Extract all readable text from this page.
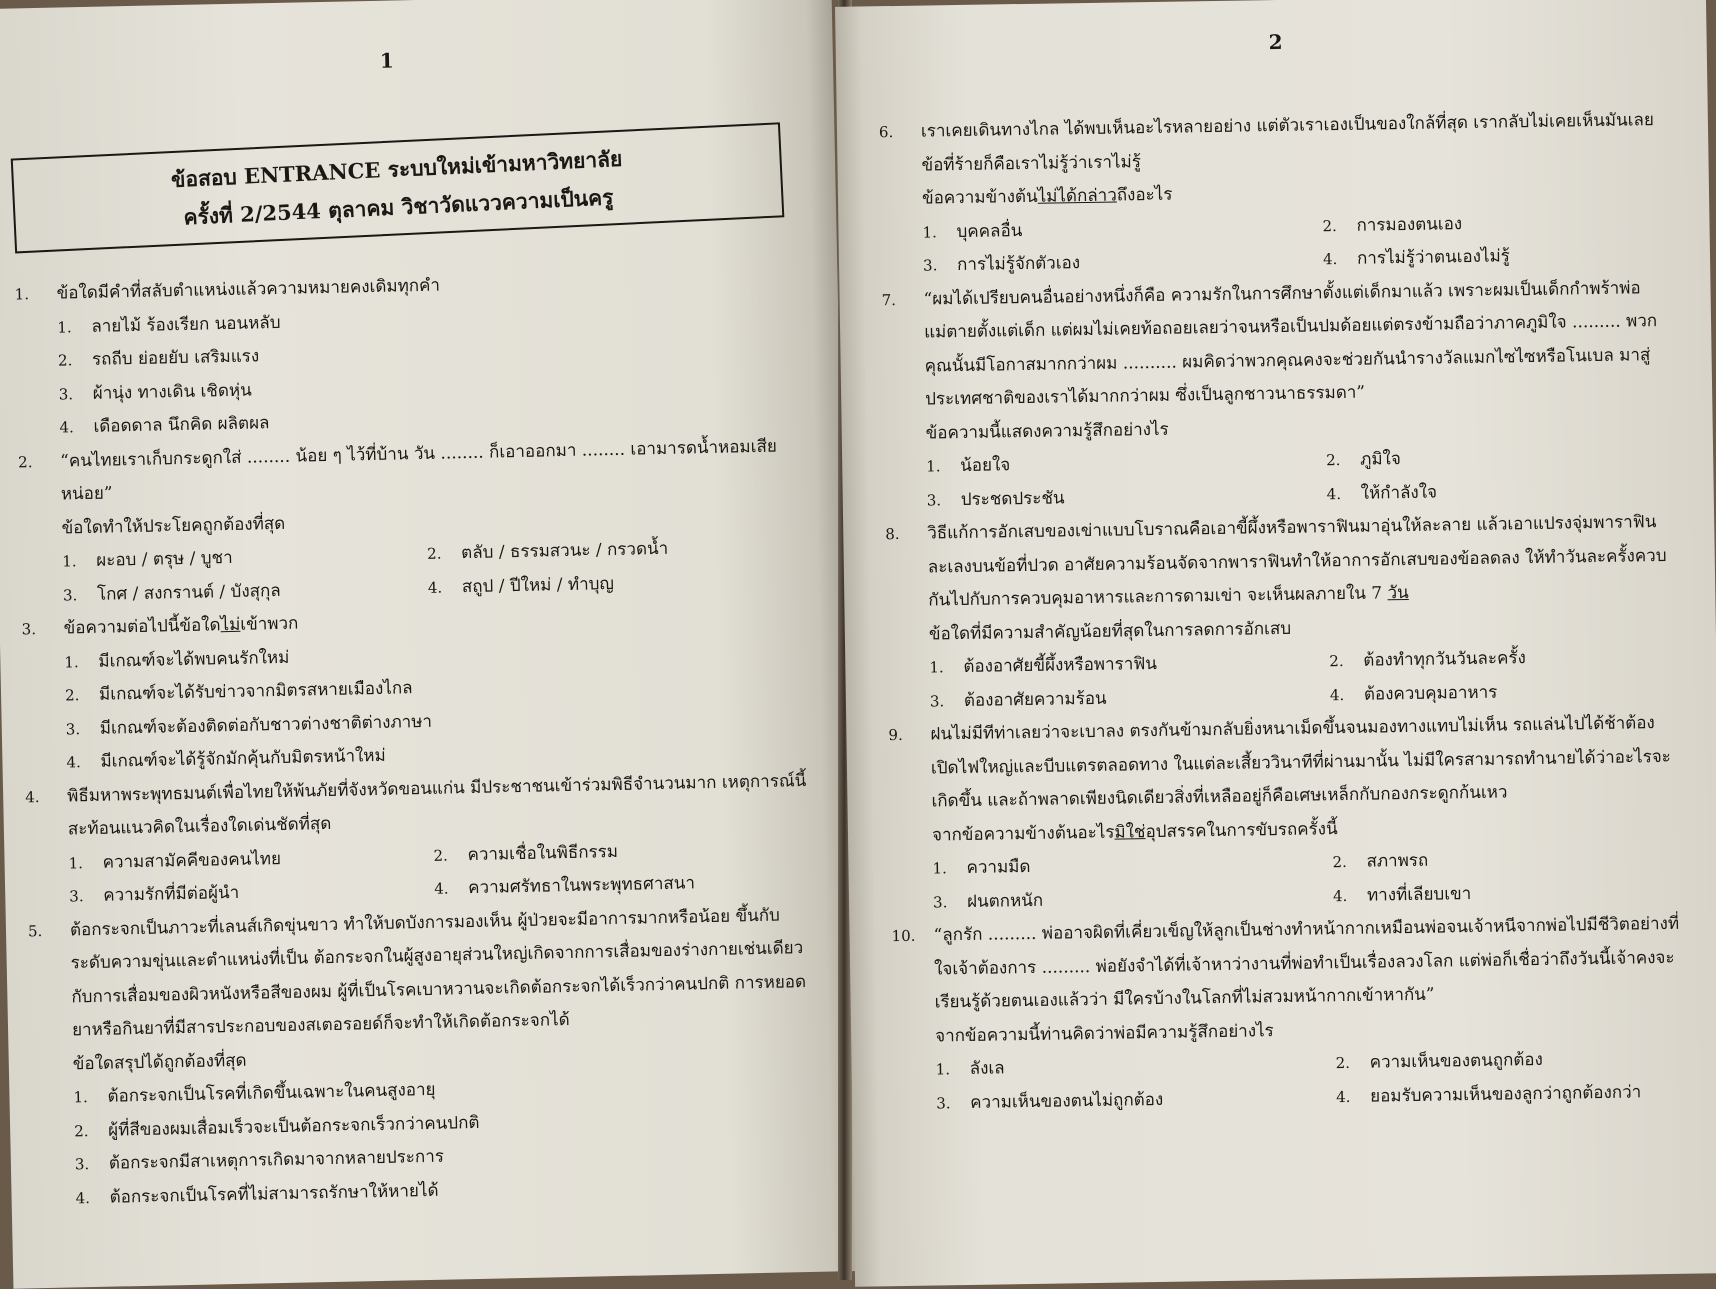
1
ข้อสอบ ENTRANCE ระบบใหม่เข้ามหาวิทยาลัย
ครั้งที่ 2/2544 ตุลาคม วิชาวัดแววความเป็นครู
1.	ข้อใดมีคำที่สลับตำแหน่งแล้วความหมายคงเดิมทุกคำ
1.	ลายไม้ ร้องเรียก นอนหลับ
2.	รถถีบ ย่อยยับ เสริมแรง
3.	ผ้านุ่ง ทางเดิน เชิดหุ่น
4.	เดือดดาล นึกคิด ผลิตผล
2.	“คนไทยเราเก็บกระดูกใส่ ........ น้อย ๆ ไว้ที่บ้าน วัน ........ ก็เอาออกมา ........ เอามารดน้ำหอมเสียหน่อย”
ข้อใดทำให้ประโยคถูกต้องที่สุด
1.	ผะอบ / ตรุษ / บูชา	2.	ตลับ / ธรรมสวนะ / กรวดน้ำ
3.	โกศ / สงกรานต์ / บังสุกุล	4.	สถูป / ปีใหม่ / ทำบุญ
3.	ข้อความต่อไปนี้ข้อใดไม่เข้าพวก
1.	มีเกณฑ์จะได้พบคนรักใหม่
2.	มีเกณฑ์จะได้รับข่าวจากมิตรสหายเมืองไกล
3.	มีเกณฑ์จะต้องติดต่อกับชาวต่างชาติต่างภาษา
4.	มีเกณฑ์จะได้รู้จักมักคุ้นกับมิตรหน้าใหม่
4.	พิธีมหาพระพุทธมนต์เพื่อไทยให้พ้นภัยที่จังหวัดขอนแก่น มีประชาชนเข้าร่วมพิธีจำนวนมาก เหตุการณ์นี้สะท้อนแนวคิดในเรื่องใดเด่นชัดที่สุด
1.	ความสามัคคีของคนไทย	2.	ความเชื่อในพิธีกรรม
3.	ความรักที่มีต่อผู้นำ	4.	ความศรัทธาในพระพุทธศาสนา
5.	ต้อกระจกเป็นภาวะที่เลนส์เกิดขุ่นขาว ทำให้บดบังการมองเห็น ผู้ป่วยจะมีอาการมากหรือน้อย ขึ้นกับระดับความขุ่นและตำแหน่งที่เป็น ต้อกระจกในผู้สูงอายุส่วนใหญ่เกิดจากการเสื่อมของร่างกายเช่นเดียวกับการเสื่อมของผิวหนังหรือสีของผม ผู้ที่เป็นโรคเบาหวานจะเกิดต้อกระจกได้เร็วกว่าคนปกติ การหยอดยาหรือกินยาที่มีสารประกอบของสเตอรอยด์ก็จะทำให้เกิดต้อกระจกได้
ข้อใดสรุปได้ถูกต้องที่สุด
1.	ต้อกระจกเป็นโรคที่เกิดขึ้นเฉพาะในคนสูงอายุ
2.	ผู้ที่สีของผมเสื่อมเร็วจะเป็นต้อกระจกเร็วกว่าคนปกติ
3.	ต้อกระจกมีสาเหตุการเกิดมาจากหลายประการ
4.	ต้อกระจกเป็นโรคที่ไม่สามารถรักษาให้หายได้
2
6.	เราเคยเดินทางไกล ได้พบเห็นอะไรหลายอย่าง แต่ตัวเราเองเป็นของใกล้ที่สุด เรากลับไม่เคยเห็นมันเลย ข้อที่ร้ายก็คือเราไม่รู้ว่าเราไม่รู้
ข้อความข้างต้นไม่ได้กล่าวถึงอะไร
1.	บุคคลอื่น	2.	การมองตนเอง
3.	การไม่รู้จักตัวเอง	4.	การไม่รู้ว่าตนเองไม่รู้
7.	“ผมได้เปรียบคนอื่นอย่างหนึ่งก็คือ ความรักในการศึกษาตั้งแต่เด็กมาแล้ว เพราะผมเป็นเด็กกำพร้าพ่อแม่ตายตั้งแต่เด็ก แต่ผมไม่เคยท้อถอยเลยว่าจนหรือเป็นปมด้อยแต่ตรงข้ามถือว่าภาคภูมิใจ ......... พวกคุณนั้นมีโอกาสมากกว่าผม .......... ผมคิดว่าพวกคุณคงจะช่วยกันนำรางวัลแมกไซไซหรือโนเบล มาสู่ประเทศชาติของเราได้มากกว่าผม ซึ่งเป็นลูกชาวนาธรรมดา”
ข้อความนี้แสดงความรู้สึกอย่างไร
1.	น้อยใจ	2.	ภูมิใจ
3.	ประชดประชัน	4.	ให้กำลังใจ
8.	วิธีแก้การอักเสบของเข่าแบบโบราณคือเอาขี้ผึ้งหรือพาราฟินมาอุ่นให้ละลาย แล้วเอาแปรงจุ่มพาราฟินละเลงบนข้อที่ปวด อาศัยความร้อนจัดจากพาราฟินทำให้อาการอักเสบของข้อลดลง ให้ทำวันละครั้งควบกันไปกับการควบคุมอาหารและการดามเข่า จะเห็นผลภายใน 7 วัน
ข้อใดที่มีความสำคัญน้อยที่สุดในการลดการอักเสบ
1.	ต้องอาศัยขี้ผึ้งหรือพาราฟิน	2.	ต้องทำทุกวันวันละครั้ง
3.	ต้องอาศัยความร้อน	4.	ต้องควบคุมอาหาร
9.	ฝนไม่มีทีท่าเลยว่าจะเบาลง ตรงกันข้ามกลับยิ่งหนาเม็ดขึ้นจนมองทางแทบไม่เห็น รถแล่นไปได้ช้าต้องเปิดไฟใหญ่และบีบแตรตลอดทาง ในแต่ละเสี้ยววินาทีที่ผ่านมานั้น ไม่มีใครสามารถทำนายได้ว่าอะไรจะเกิดขึ้น และถ้าพลาดเพียงนิดเดียวสิ่งที่เหลืออยู่ก็คือเศษเหล็กกับกองกระดูกก้นเหว
จากข้อความข้างต้นอะไรมิใช่อุปสรรคในการขับรถครั้งนี้
1.	ความมืด	2.	สภาพรถ
3.	ฝนตกหนัก	4.	ทางที่เลียบเขา
10.	“ลูกรัก ......... พ่ออาจผิดที่เคี่ยวเข็ญให้ลูกเป็นช่างทำหน้ากากเหมือนพ่อจนเจ้าหนีจากพ่อไปมีชีวิตอย่างที่ใจเจ้าต้องการ ......... พ่อยังจำได้ที่เจ้าหาว่างานที่พ่อทำเป็นเรื่องลวงโลก แต่พ่อก็เชื่อว่าถึงวันนี้เจ้าคงจะเรียนรู้ด้วยตนเองแล้วว่า มีใครบ้างในโลกที่ไม่สวมหน้ากากเข้าหากัน”
จากข้อความนี้ท่านคิดว่าพ่อมีความรู้สึกอย่างไร
1.	ลังเล	2.	ความเห็นของตนถูกต้อง
3.	ความเห็นของตนไม่ถูกต้อง	4.	ยอมรับความเห็นของลูกว่าถูกต้องกว่า
